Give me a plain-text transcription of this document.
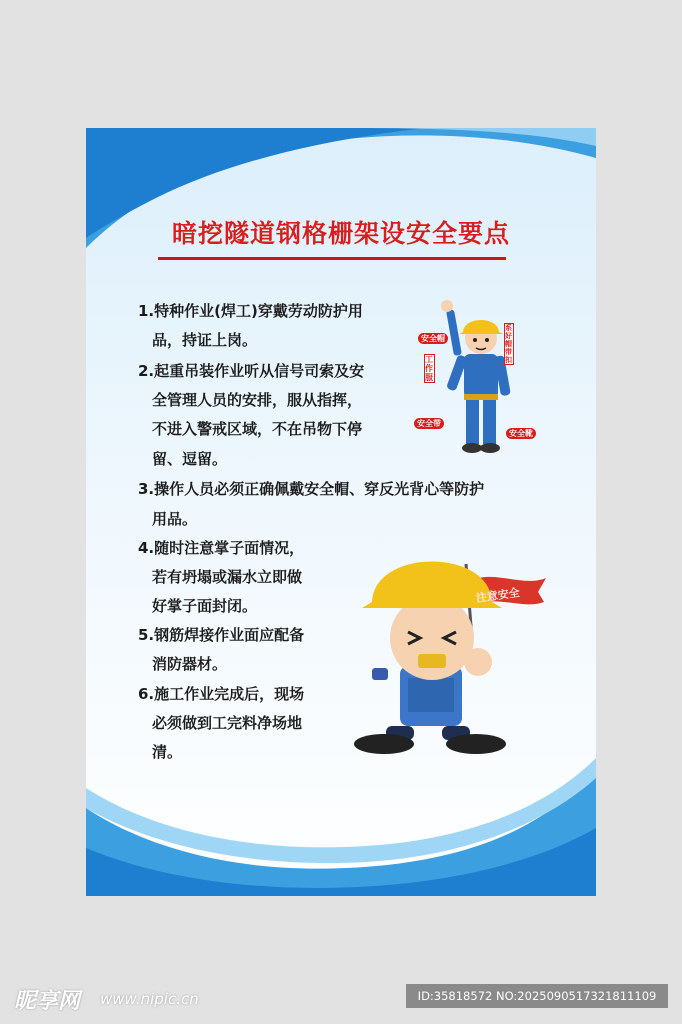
暗挖隧道钢格栅架设安全要点
1.特种作业(焊工)穿戴劳动防护用
品，持证上岗。
2.起重吊装作业听从信号司索及安
全管理人员的安排，服从指挥，
不进入警戒区域，不在吊物下停
留、逗留。
3.操作人员必须正确佩戴安全帽、穿反光背心等防护
用品。
4.随时注意掌子面情况，
若有坍塌或漏水立即做
好掌子面封闭。
5.钢筋焊接作业面应配备
消防器材。
6.施工作业完成后，现场
必须做到工完料净场地
清。
安全帽
工作服
安全带
系好帽带扣
安全靴
注意安全
昵享网 www.nipic.cn	ID:35818572 NO:20250905173218111​09
